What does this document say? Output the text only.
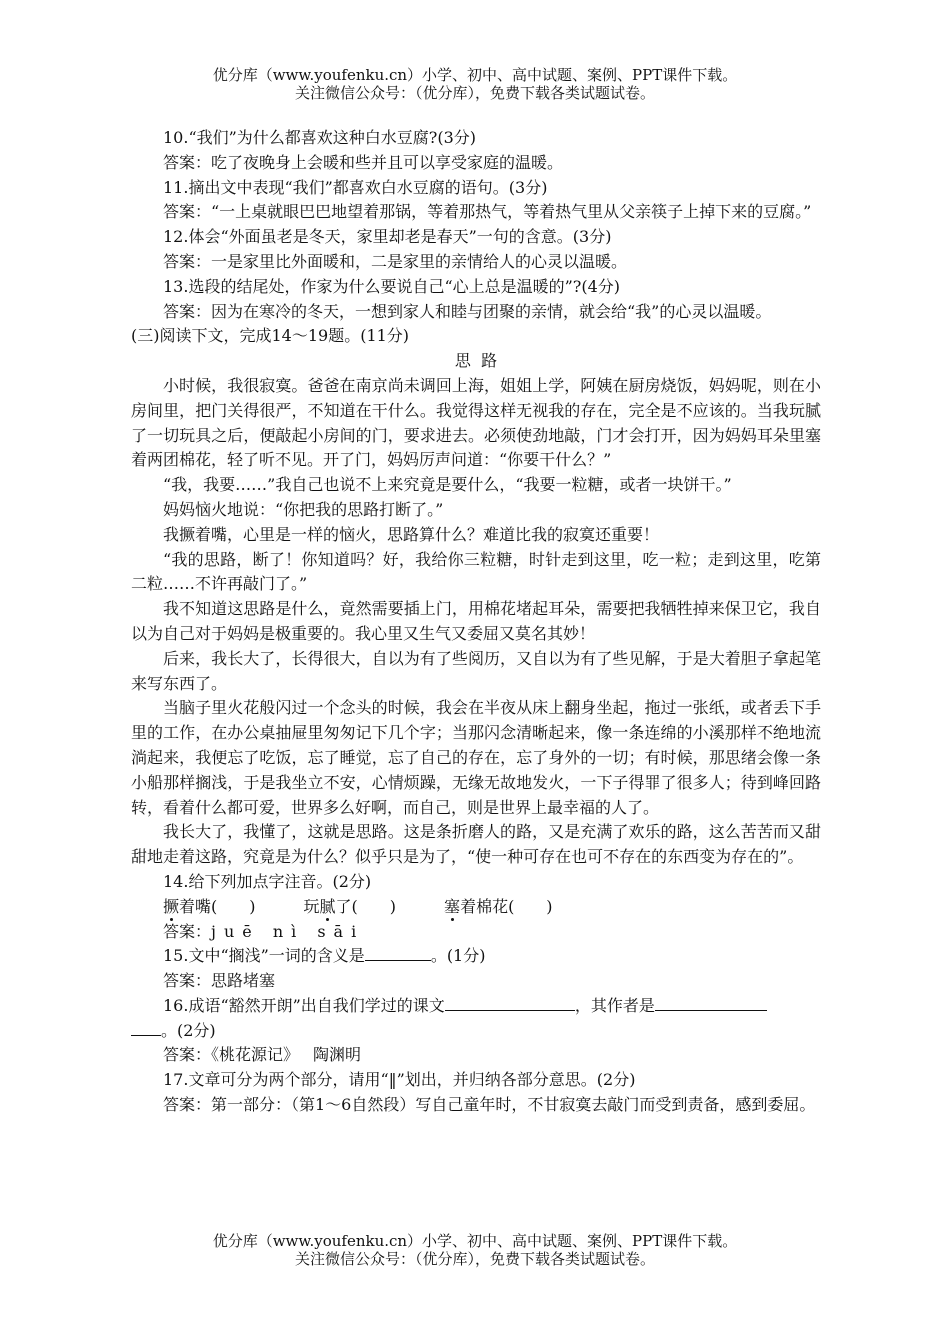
优分库（www.youfenku.cn）小学、初中、高中试题、案例、PPT课件下载。
关注微信公众号：（优分库），免费下载各类试题试卷。

10.“我们”为什么都喜欢这种白水豆腐?(3分)

答案：吃了夜晚身上会暖和些并且可以享受家庭的温暖。

11.摘出文中表现“我们”都喜欢白水豆腐的语句。(3分)

答案：“一上桌就眼巴巴地望着那锅，等着那热气，等着热气里从父亲筷子上掉下来的豆腐。”

12.体会“外面虽老是冬天，家里却老是春天”一句的含意。(3分)

答案：一是家里比外面暖和，二是家里的亲情给人的心灵以温暖。

13.选段的结尾处，作家为什么要说自己“心上总是温暖的”?(4分)

答案：因为在寒冷的冬天，一想到家人和睦与团聚的亲情，就会给“我”的心灵以温暖。

(三)阅读下文，完成14～19题。(11分)

思  路

小时候，我很寂寞。爸爸在南京尚未调回上海，姐姐上学，阿姨在厨房烧饭，妈妈呢，则在小房间里，把门关得很严，不知道在干什么。我觉得这样无视我的存在，完全是不应该的。当我玩腻了一切玩具之后，便敲起小房间的门，要求进去。必须使劲地敲，门才会打开，因为妈妈耳朵里塞着两团棉花，轻了听不见。开了门，妈妈厉声问道：“你要干什么？”

“我，我要……”我自己也说不上来究竟是要什么，“我要一粒糖，或者一块饼干。”

妈妈恼火地说：“你把我的思路打断了。”

我撅着嘴，心里是一样的恼火，思路算什么？难道比我的寂寞还重要！

“我的思路，断了！你知道吗？好，我给你三粒糖，时针走到这里，吃一粒；走到这里，吃第二粒……不许再敲门了。”

我不知道这思路是什么，竟然需要插上门，用棉花堵起耳朵，需要把我牺牲掉来保卫它，我自以为自己对于妈妈是极重要的。我心里又生气又委屈又莫名其妙！

后来，我长大了，长得很大，自以为有了些阅历，又自以为有了些见解，于是大着胆子拿起笔来写东西了。

当脑子里火花般闪过一个念头的时候，我会在半夜从床上翻身坐起，拖过一张纸，或者丢下手里的工作，在办公桌抽屉里匆匆记下几个字；当那闪念清晰起来，像一条连绵的小溪那样不绝地流淌起来，我便忘了吃饭，忘了睡觉，忘了自己的存在，忘了身外的一切；有时候，那思绪会像一条小船那样搁浅，于是我坐立不安，心情烦躁，无缘无故地发火，一下子得罪了很多人；待到峰回路转，看着什么都可爱，世界多么好啊，而自己，则是世界上最幸福的人了。

我长大了，我懂了，这就是思路。这是条折磨人的路，又是充满了欢乐的路，这么苦苦而又甜甜地走着这路，究竟是为什么？似乎只是为了，“使一种可存在也可不存在的东西变为存在的”。

14.给下列加点字注音。(2分)

撅着嘴(　　)	玩腻了(　　)	塞着棉花(　　)

答案：juē nì sāi

15.文中“搁浅”一词的含义是	。(1分)

答案：思路堵塞

16.成语“豁然开朗”出自我们学过的课文	，其作者是

。(2分)

答案：《桃花源记》 陶渊明

17.文章可分为两个部分，请用“‖”划出，并归纳各部分意思。(2分)

答案：第一部分：（第1～6自然段）写自己童年时，不甘寂寞去敲门而受到责备，感到委屈。

优分库（www.youfenku.cn）小学、初中、高中试题、案例、PPT课件下载。
关注微信公众号：（优分库），免费下载各类试题试卷。
